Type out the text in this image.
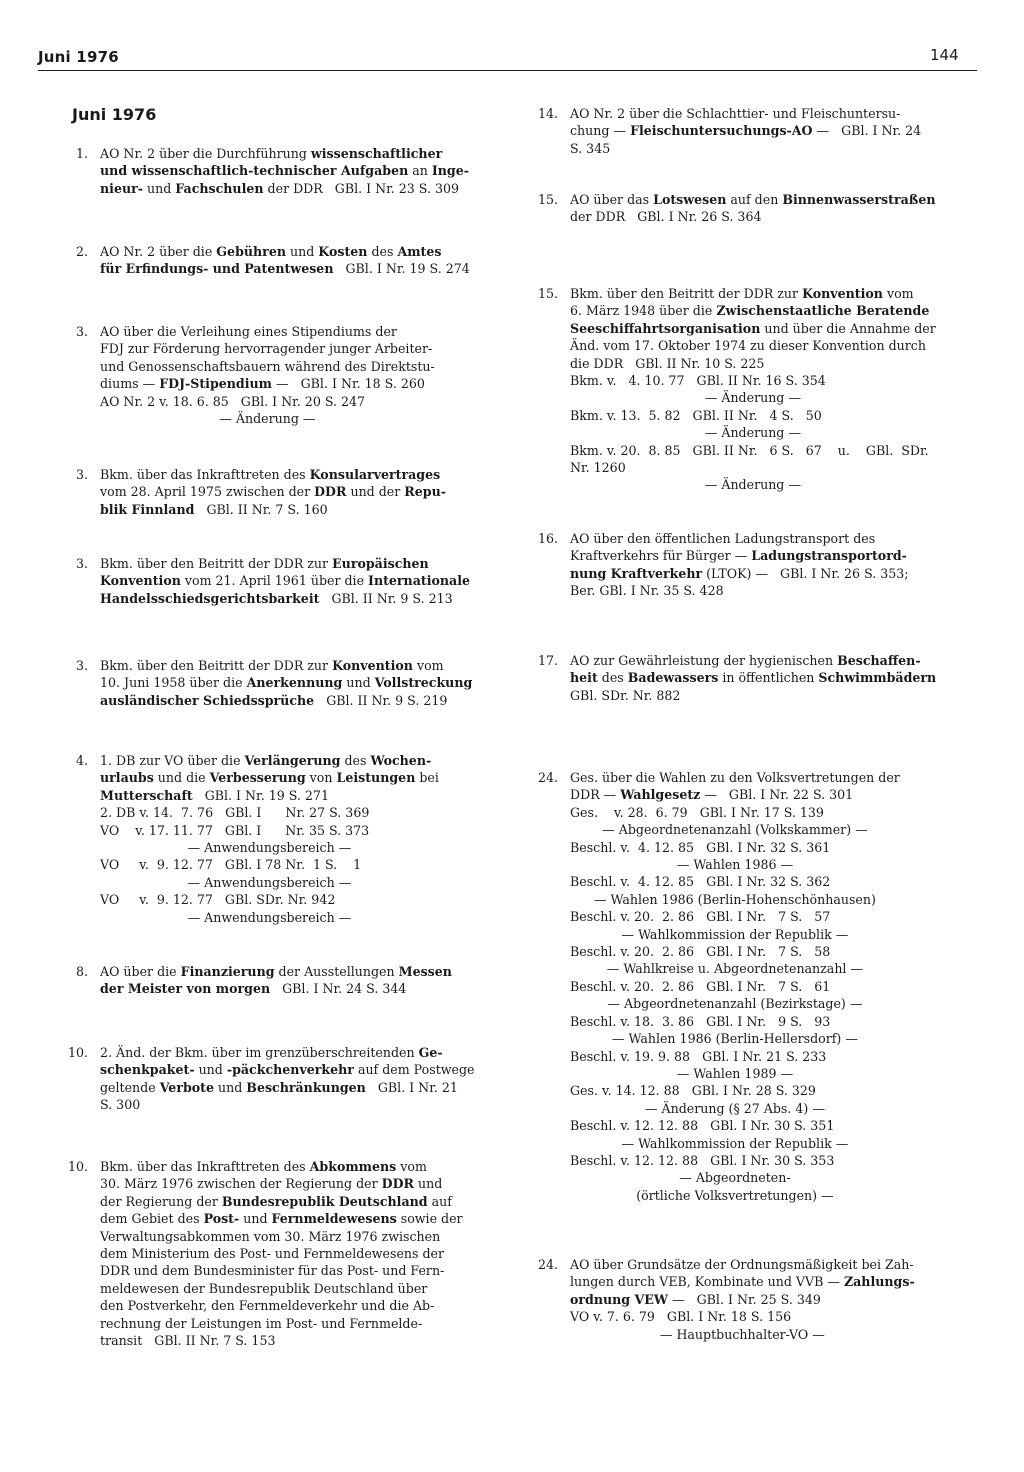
Juni 1976	144
Juni 1976
1. AO Nr. 2 über die Durchführung wissenschaftlicher
und wissenschaftlich-technischer Aufgaben an Inge-
nieur- und Fachschulen der DDR   GBl. I Nr. 23 S. 309
2. AO Nr. 2 über die Gebühren und Kosten des Amtes
für Erfindungs- und Patentwesen   GBl. I Nr. 19 S. 274
3. AO über die Verleihung eines Stipendiums der
FDJ zur Förderung hervorragender junger Arbeiter-
und Genossenschaftsbauern während des Direktstu-
diums — FDJ-Stipendium —   GBl. I Nr. 18 S. 260
AO Nr. 2 v. 18. 6. 85   GBl. I Nr. 20 S. 247
— Änderung —
3. Bkm. über das Inkrafttreten des Konsularvertrages
vom 28. April 1975 zwischen der DDR und der Repu-
blik Finnland   GBl. II Nr. 7 S. 160
3. Bkm. über den Beitritt der DDR zur Europäischen
Konvention vom 21. April 1961 über die Internationale
Handelsschiedsgerichtsbarkeit   GBl. II Nr. 9 S. 213
3. Bkm. über den Beitritt der DDR zur Konvention vom
10. Juni 1958 über die Anerkennung und Vollstreckung
ausländischer Schiedssprüche   GBl. II Nr. 9 S. 219
4. 1. DB zur VO über die Verlängerung des Wochen-
urlaubs und die Verbesserung von Leistungen bei
Mutterschaft   GBl. I Nr. 19 S. 271
2. DB v. 14.  7. 76   GBl. I      Nr. 27 S. 369
VO    v. 17. 11. 77   GBl. I      Nr. 35 S. 373
— Anwendungsbereich —
VO     v.  9. 12. 77   GBl. I 78 Nr.  1 S.    1
— Anwendungsbereich —
VO     v.  9. 12. 77   GBl. SDr. Nr. 942
— Anwendungsbereich —
8. AO über die Finanzierung der Ausstellungen Messen
der Meister von morgen   GBl. I Nr. 24 S. 344
10. 2. Änd. der Bkm. über im grenzüberschreitenden Ge-
schenkpaket- und -päckchenverkehr auf dem Postwege
geltende Verbote und Beschränkungen   GBl. I Nr. 21
S. 300
10. Bkm. über das Inkrafttreten des Abkommens vom
30. März 1976 zwischen der Regierung der DDR und
der Regierung der Bundesrepublik Deutschland auf
dem Gebiet des Post- und Fernmeldewesens sowie der
Verwaltungsabkommen vom 30. März 1976 zwischen
dem Ministerium des Post- und Fernmeldewesens der
DDR und dem Bundesminister für das Post- und Fern-
meldewesen der Bundesrepublik Deutschland über
den Postverkehr, den Fernmeldeverkehr und die Ab-
rechnung der Leistungen im Post- und Fernmelde-
transit   GBl. II Nr. 7 S. 153
14. AO Nr. 2 über die Schlachttier- und Fleischuntersu-
chung — Fleischuntersuchungs-AO —   GBl. I Nr. 24
S. 345
15. AO über das Lotswesen auf den Binnenwasserstraßen
der DDR   GBl. I Nr. 26 S. 364
15. Bkm. über den Beitritt der DDR zur Konvention vom
6. März 1948 über die Zwischenstaatliche Beratende
Seeschiffahrtsorganisation und über die Annahme der
Änd. vom 17. Oktober 1974 zu dieser Konvention durch
die DDR   GBl. II Nr. 10 S. 225
Bkm. v.   4. 10. 77   GBl. II Nr. 16 S. 354
— Änderung —
Bkm. v. 13.  5. 82   GBl. II Nr.   4 S.   50
— Änderung —
Bkm. v. 20.  8. 85   GBl. II Nr.   6 S.   67    u.    GBl.  SDr.
Nr. 1260
— Änderung —
16. AO über den öffentlichen Ladungstransport des
Kraftverkehrs für Bürger — Ladungstransportord-
nung Kraftverkehr (LTOK) —   GBl. I Nr. 26 S. 353;
Ber. GBl. I Nr. 35 S. 428
17. AO zur Gewährleistung der hygienischen Beschaffen-
heit des Badewassers in öffentlichen Schwimmbädern
GBl. SDr. Nr. 882
24. Ges. über die Wahlen zu den Volksvertretungen der
DDR — Wahlgesetz —   GBl. I Nr. 22 S. 301
Ges.    v. 28.  6. 79   GBl. I Nr. 17 S. 139
— Abgeordnetenanzahl (Volkskammer) —
Beschl. v.  4. 12. 85   GBl. I Nr. 32 S. 361
— Wahlen 1986 —
Beschl. v.  4. 12. 85   GBl. I Nr. 32 S. 362
— Wahlen 1986 (Berlin-Hohenschönhausen)
Beschl. v. 20.  2. 86   GBl. I Nr.   7 S.   57
— Wahlkommission der Republik —
Beschl. v. 20.  2. 86   GBl. I Nr.   7 S.   58
— Wahlkreise u. Abgeordnetenanzahl —
Beschl. v. 20.  2. 86   GBl. I Nr.   7 S.   61
— Abgeordnetenanzahl (Bezirkstage) —
Beschl. v. 18.  3. 86   GBl. I Nr.   9 S.   93
— Wahlen 1986 (Berlin-Hellersdorf) —
Beschl. v. 19. 9. 88   GBl. I Nr. 21 S. 233
— Wahlen 1989 —
Ges. v. 14. 12. 88   GBl. I Nr. 28 S. 329
— Änderung (§ 27 Abs. 4) —
Beschl. v. 12. 12. 88   GBl. I Nr. 30 S. 351
— Wahlkommission der Republik —
Beschl. v. 12. 12. 88   GBl. I Nr. 30 S. 353
— Abgeordneten-
(örtliche Volksvertretungen) —
24. AO über Grundsätze der Ordnungsmäßigkeit bei Zah-
lungen durch VEB, Kombinate und VVB — Zahlungs-
ordnung VEW —   GBl. I Nr. 25 S. 349
VO v. 7. 6. 79   GBl. I Nr. 18 S. 156
— Hauptbuchhalter-VO —
